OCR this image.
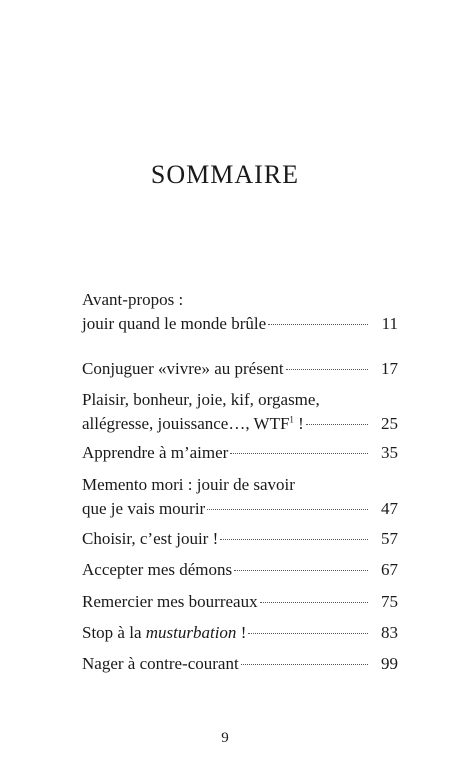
SOMMAIRE
Avant-propos :
jouir quand le monde brûle	11
Conjuguer «vivre» au présent	17
Plaisir, bonheur, joie, kif, orgasme,
allégresse, jouissance…, WTF$^1$ !	25
Apprendre à m’aimer	35
Memento mori : jouir de savoir
que je vais mourir	47
Choisir, c’est jouir !	57
Accepter mes démons	67
Remercier mes bourreaux	75
Stop à la musturbation !	83
Nager à contre-courant	99
9
